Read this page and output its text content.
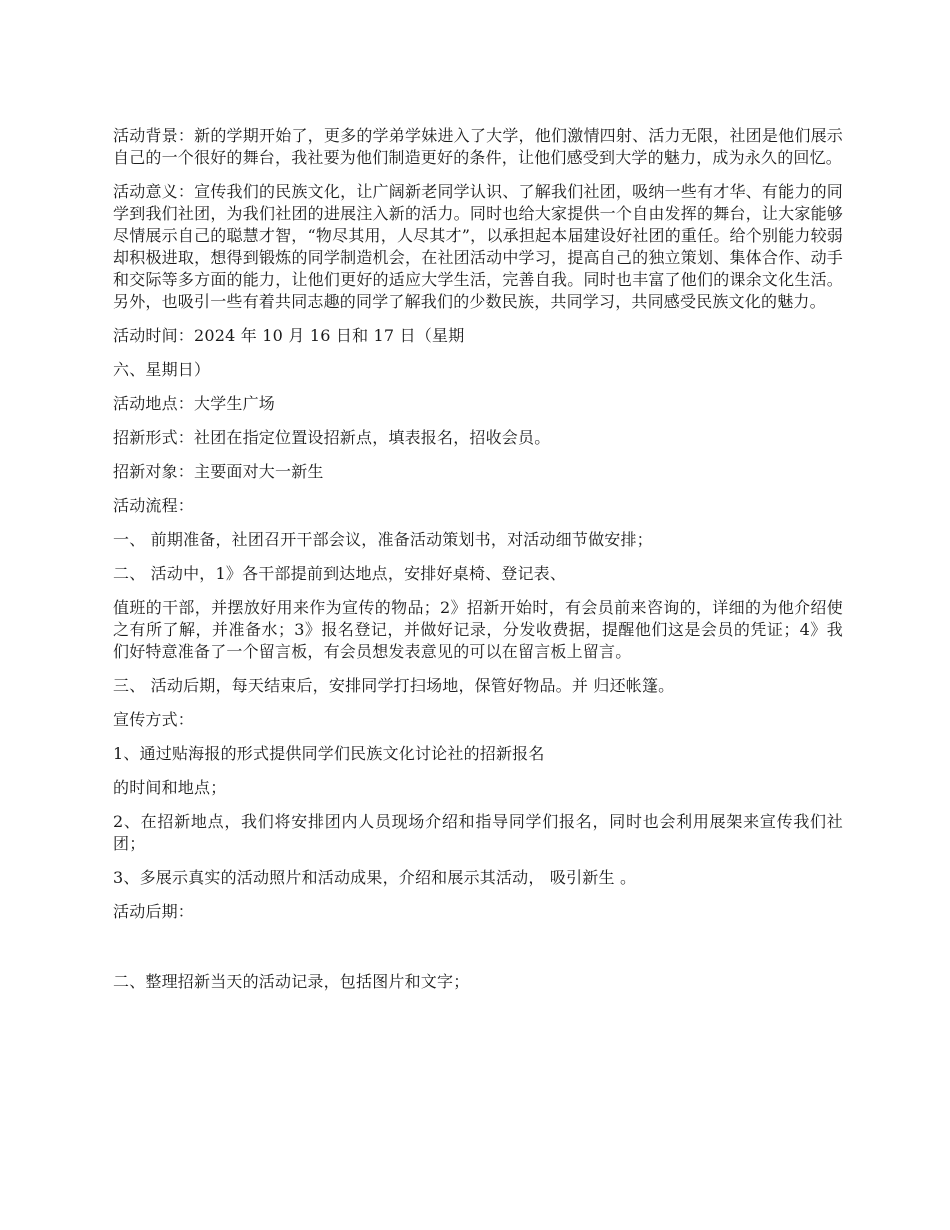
活动背景：新的学期开始了，更多的学弟学妹进入了大学，他们激情四射、活力无限，社团是他们展示自己的一个很好的舞台，我社要为他们制造更好的条件，让他们感受到大学的魅力，成为永久的回忆。

活动意义：宣传我们的民族文化，让广阔新老同学认识、了解我们社团，吸纳一些有才华、有能力的同学到我们社团，为我们社团的进展注入新的活力。同时也给大家提供一个自由发挥的舞台，让大家能够尽情展示自己的聪慧才智，“物尽其用，人尽其才”，以承担起本届建设好社团的重任。给个别能力较弱却积极进取，想得到锻炼的同学制造机会，在社团活动中学习，提高自己的独立策划、集体合作、动手和交际等多方面的能力，让他们更好的适应大学生活，完善自我。同时也丰富了他们的课余文化生活。另外，也吸引一些有着共同志趣的同学了解我们的少数民族，共同学习，共同感受民族文化的魅力。

活动时间：2024 年 10 月 16 日和 17 日（星期

六、星期日）

活动地点：大学生广场

招新形式：社团在指定位置设招新点，填表报名，招收会员。

招新对象：主要面对大一新生

活动流程：

一、 前期准备，社团召开干部会议，准备活动策划书，对活动细节做安排；

二、 活动中，1》各干部提前到达地点，安排好桌椅、登记表、

值班的干部，并摆放好用来作为宣传的物品；2》招新开始时，有会员前来咨询的，详细的为他介绍使之有所了解，并准备水；3》报名登记，并做好记录，分发收费据，提醒他们这是会员的凭证；4》我们好特意准备了一个留言板，有会员想发表意见的可以在留言板上留言。

三、 活动后期，每天结束后，安排同学打扫场地，保管好物品。并 归还帐篷。

宣传方式：

1、通过贴海报的形式提供同学们民族文化讨论社的招新报名

的时间和地点；

2、在招新地点，我们将安排团内人员现场介绍和指导同学们报名，同时也会利用展架来宣传我们社团；

3、多展示真实的活动照片和活动成果，介绍和展示其活动， 吸引新生 。

活动后期：

二、整理招新当天的活动记录，包括图片和文字；
